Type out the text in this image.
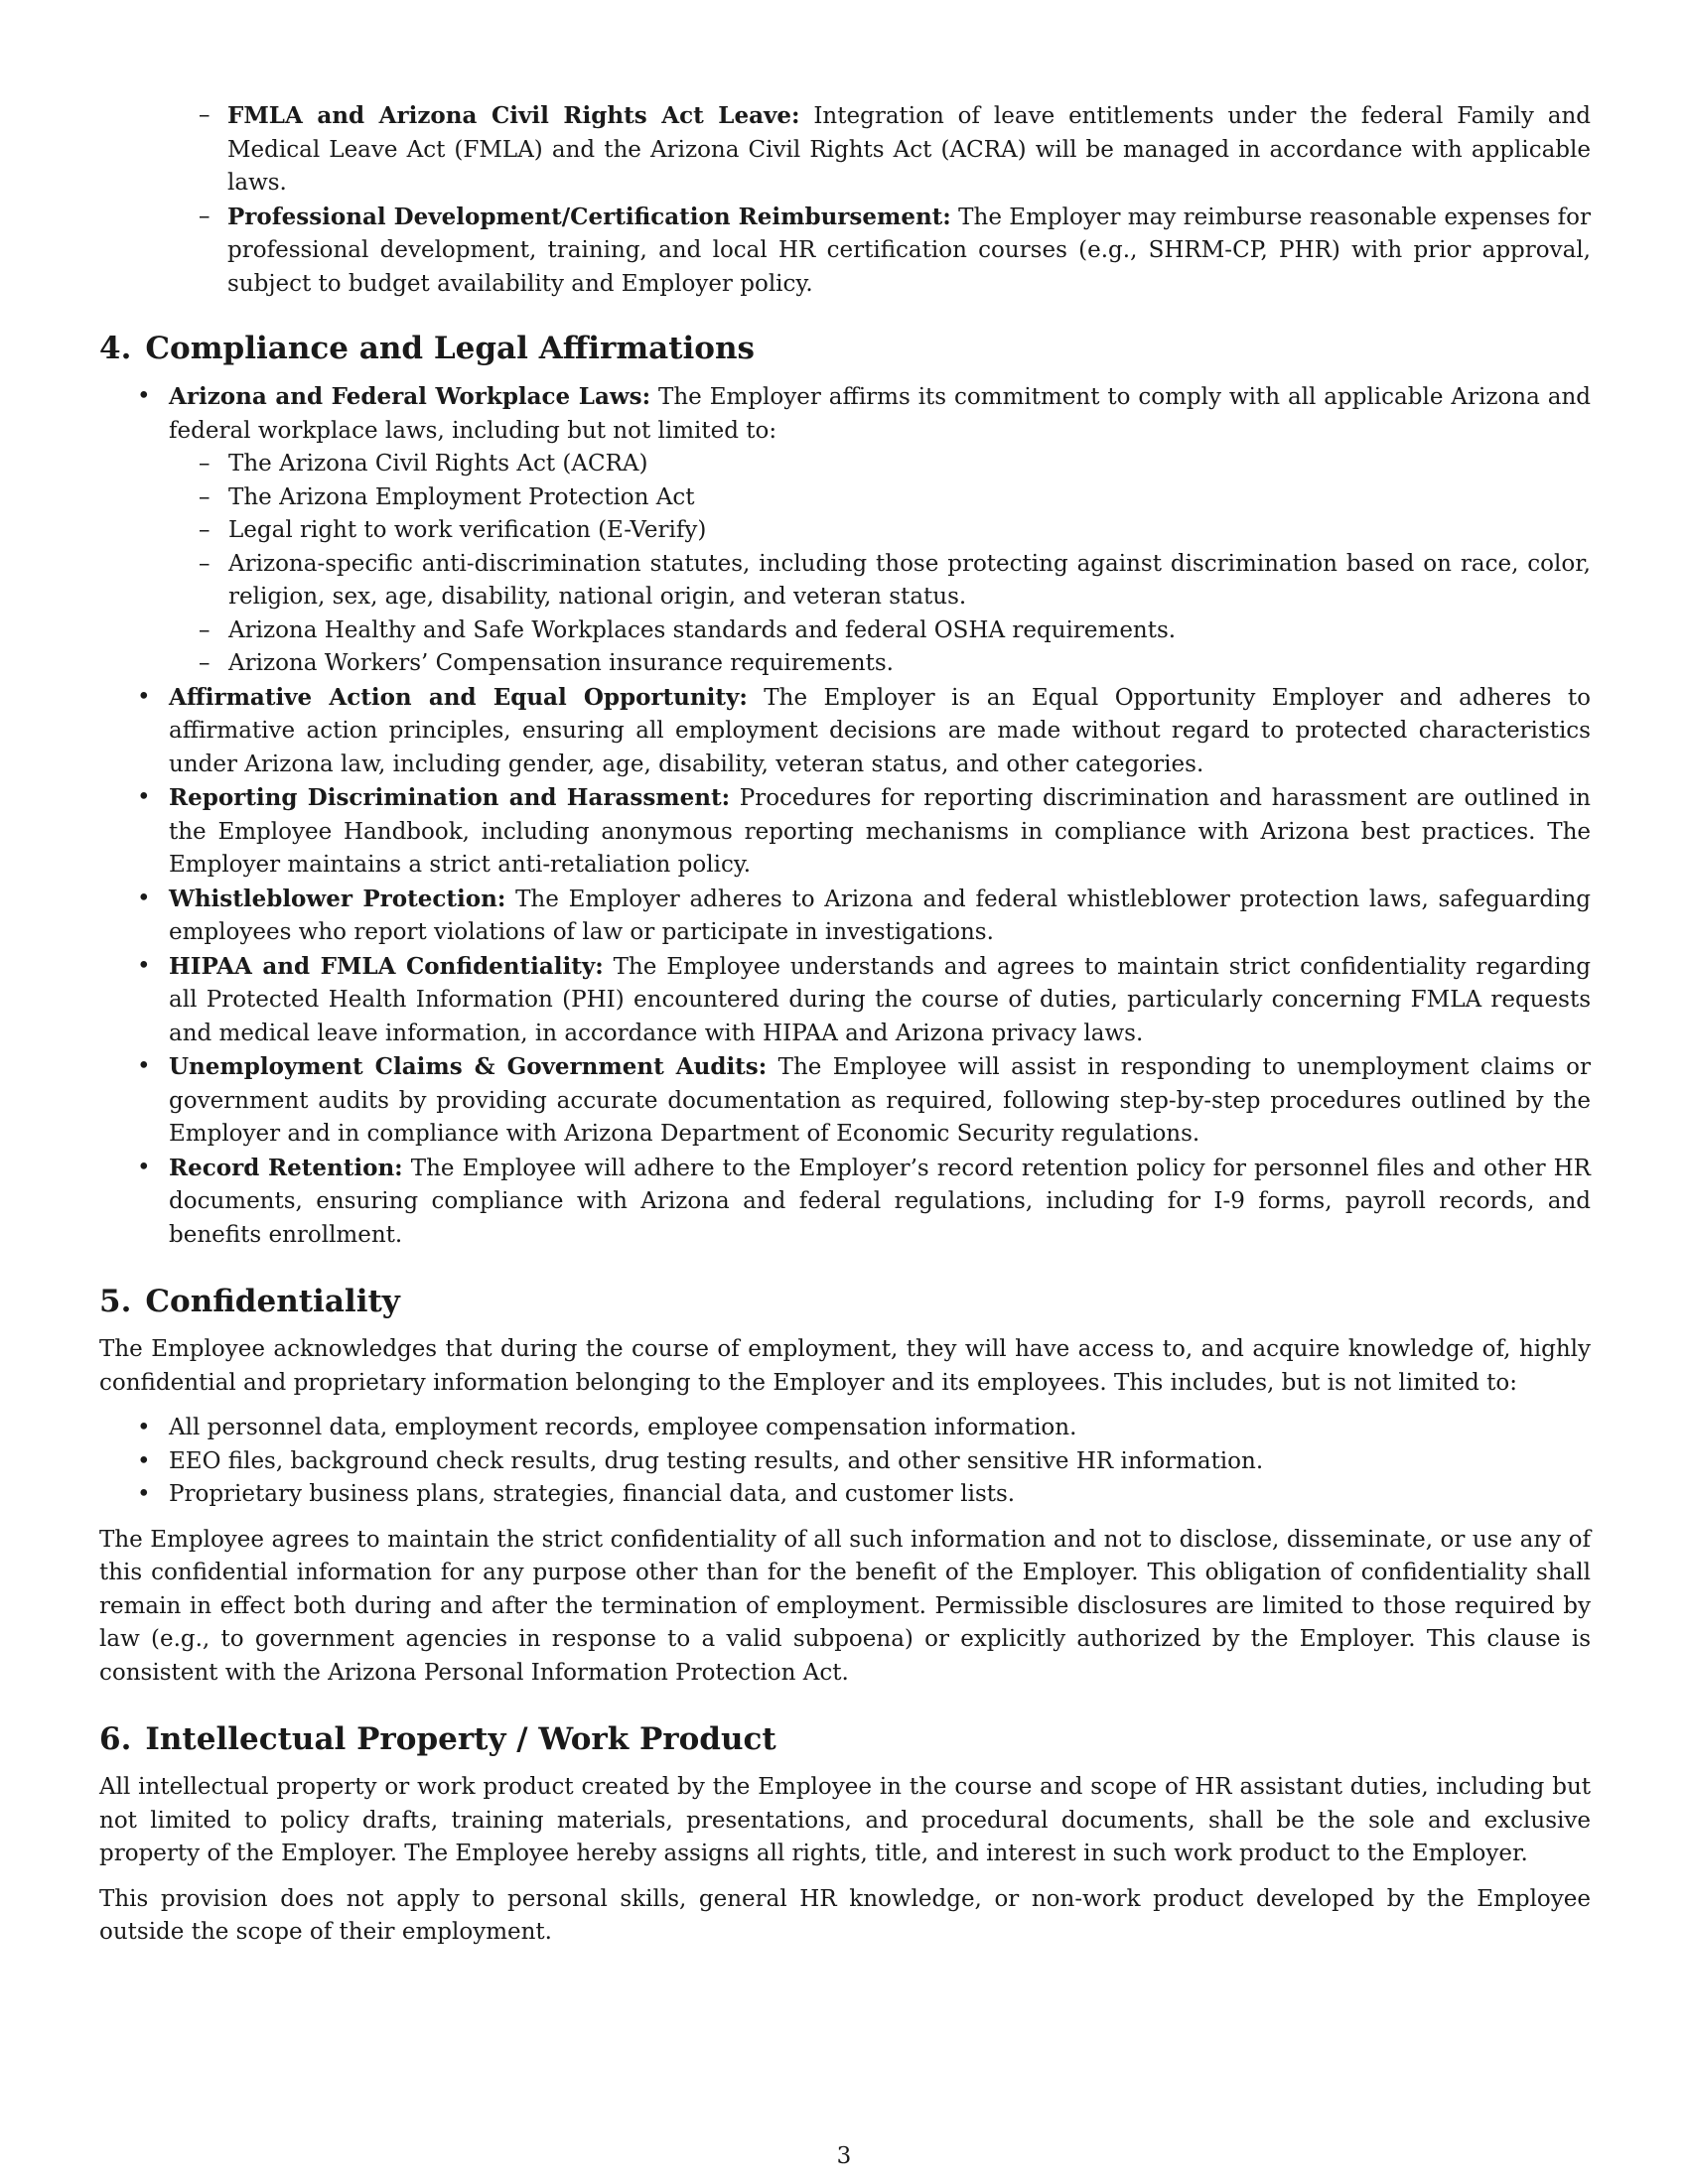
– FMLA and Arizona Civil Rights Act Leave: Integration of leave entitlements under the federal Family and Medical Leave Act (FMLA) and the Arizona Civil Rights Act (ACRA) will be managed in accordance with applicable laws.
– Professional Development/Certification Reimbursement: The Employer may reimburse reasonable expenses for professional development, training, and local HR certification courses (e.g., SHRM-CP, PHR) with prior approval, subject to budget availability and Employer policy.
4. Compliance and Legal Affirmations
• Arizona and Federal Workplace Laws: The Employer affirms its commitment to comply with all applicable Arizona and federal workplace laws, including but not limited to:
– The Arizona Civil Rights Act (ACRA)
– The Arizona Employment Protection Act
– Legal right to work verification (E-Verify)
– Arizona-specific anti-discrimination statutes, including those protecting against discrimination based on race, color, religion, sex, age, disability, national origin, and veteran status.
– Arizona Healthy and Safe Workplaces standards and federal OSHA requirements.
– Arizona Workers’ Compensation insurance requirements.
• Affirmative Action and Equal Opportunity: The Employer is an Equal Opportunity Employer and adheres to affirmative action principles, ensuring all employment decisions are made without regard to protected characteristics under Arizona law, including gender, age, disability, veteran status, and other categories.
• Reporting Discrimination and Harassment: Procedures for reporting discrimination and harassment are outlined in the Employee Handbook, including anonymous reporting mechanisms in compliance with Arizona best practices. The Employer maintains a strict anti-retaliation policy.
• Whistleblower Protection: The Employer adheres to Arizona and federal whistleblower protection laws, safeguarding employees who report violations of law or participate in investigations.
• HIPAA and FMLA Confidentiality: The Employee understands and agrees to maintain strict confidentiality regarding all Protected Health Information (PHI) encountered during the course of duties, particularly concerning FMLA requests and medical leave information, in accordance with HIPAA and Arizona privacy laws.
• Unemployment Claims & Government Audits: The Employee will assist in responding to unemployment claims or government audits by providing accurate documentation as required, following step-by-step procedures outlined by the Employer and in compliance with Arizona Department of Economic Security regulations.
• Record Retention: The Employee will adhere to the Employer’s record retention policy for personnel files and other HR documents, ensuring compliance with Arizona and federal regulations, including for I-9 forms, payroll records, and benefits enrollment.
5. Confidentiality

The Employee acknowledges that during the course of employment, they will have access to, and acquire knowledge of, highly confidential and proprietary information belonging to the Employer and its employees. This includes, but is not limited to:

• All personnel data, employment records, employee compensation information.
• EEO files, background check results, drug testing results, and other sensitive HR information.
• Proprietary business plans, strategies, financial data, and customer lists.

The Employee agrees to maintain the strict confidentiality of all such information and not to disclose, disseminate, or use any of this confidential information for any purpose other than for the benefit of the Employer. This obligation of confidentiality shall remain in effect both during and after the termination of employment. Permissible disclosures are limited to those required by law (e.g., to government agencies in response to a valid subpoena) or explicitly authorized by the Employer. This clause is consistent with the Arizona Personal Information Protection Act.

6. Intellectual Property / Work Product

All intellectual property or work product created by the Employee in the course and scope of HR assistant duties, including but not limited to policy drafts, training materials, presentations, and procedural documents, shall be the sole and exclusive property of the Employer. The Employee hereby assigns all rights, title, and interest in such work product to the Employer.

This provision does not apply to personal skills, general HR knowledge, or non-work product developed by the Employee outside the scope of their employment.

3
